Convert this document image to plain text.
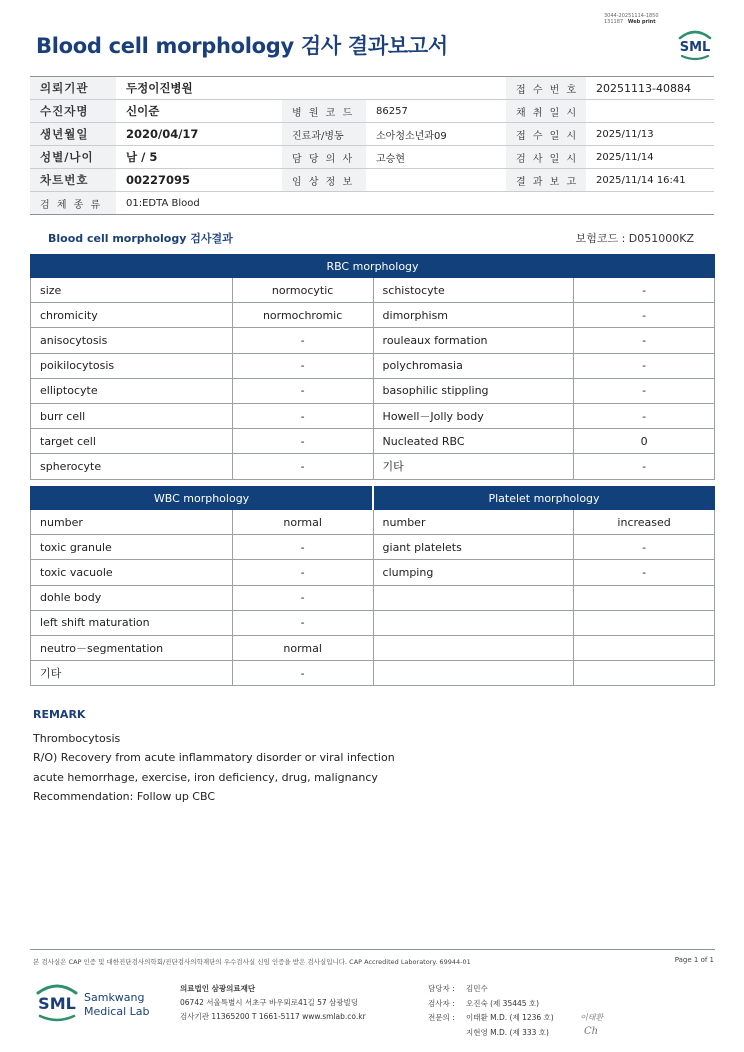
Blood cell morphology 검사 결과보고서
3044-20251114-1850
131187 Web print
SML
의뢰기관	두정이진병원			접 수 번 호	20251113-40884
수진자명	신이준	병 원 코 드	86257	채 취 일 시	
생년월일	2020/04/17	진료과/병동	소아청소년과09	접 수 일 시	2025/11/13
성별/나이	남 / 5	담 당 의 사	고승현	검 사 일 시	2025/11/14
차트번호	00227095	임 상 정 보		결 과 보 고	2025/11/14 16:41
검 체 종 류	01:EDTA Blood				
Blood cell morphology 검사결과	보험코드 : D051000KZ
RBC morphology			
size	normocytic	schistocyte	-
chromicity	normochromic	dimorphism	-
anisocytosis	-	rouleaux formation	-
poikilocytosis	-	polychromasia	-
elliptocyte	-	basophilic stippling	-
burr cell	-	Howell－Jolly body	-
target cell	-	Nucleated RBC	0
spherocyte	-	기타	-
WBC morphology		Platelet morphology	
number	normal	number	increased
toxic granule	-	giant platelets	-
toxic vacuole	-	clumping	-
dohle body	-		
left shift maturation	-		
neutro－segmentation	normal		
기타	-		
REMARK
Thrombocytosis
R/O) Recovery from acute inflammatory disorder or viral infection
acute hemorrhage, exercise, iron deficiency, drug, malignancy
Recommendation: Follow up CBC
본 검사실은 CAP 인증 및 대한진단검사의학회/진단검사의학재단의 우수검사실 신임 인증을 받은 검사실입니다. CAP Accredited Laboratory. 69944-01	Page 1 of 1
SML Samkwang
Medical Lab
의료법인 삼광의료재단
06742 서울특별시 서초구 바우뫼로41길 57 삼광빌딩
검사기관 11365200 T 1661-5117 www.smlab.co.kr
담당자 : 김민수
검사자 : 오진숙 (제 35445 호)
전문의 : 이태환 M.D. (제 1236 호)
지현영 M.D. (제 333 호)
이태환
Ch
